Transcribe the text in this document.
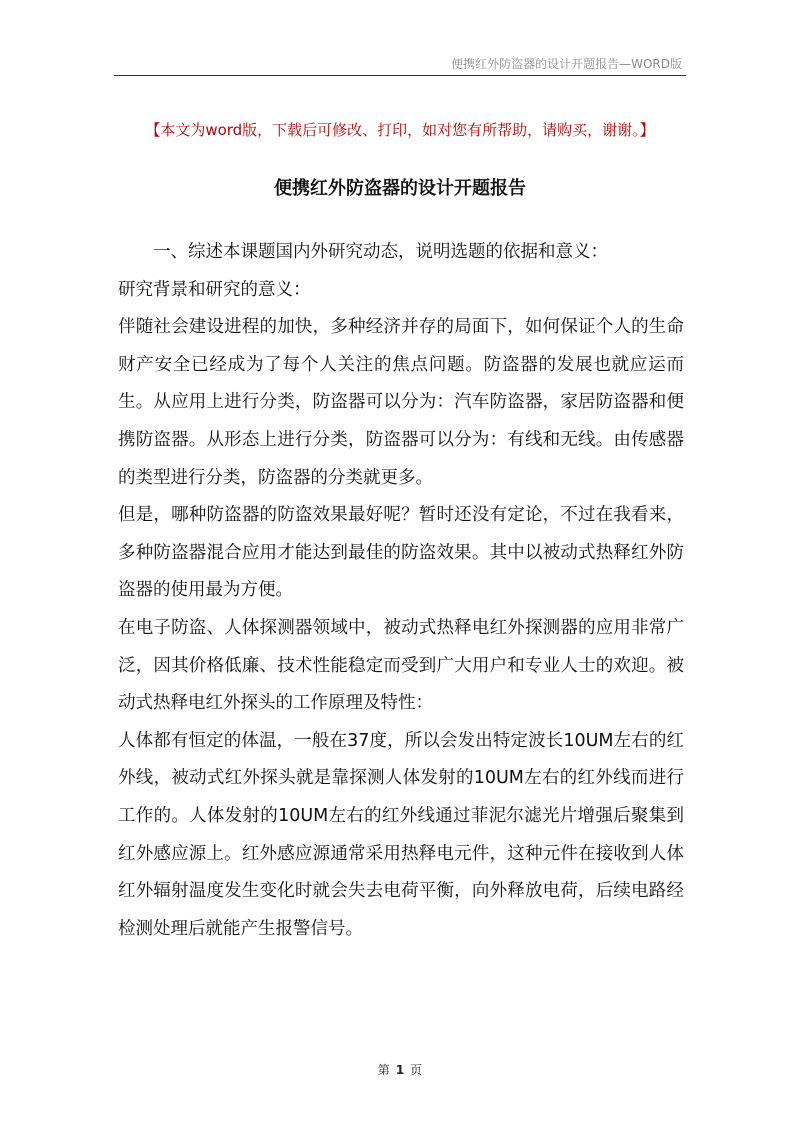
便携红外防盗器的设计开题报告—WORD版
【本文为word版，下载后可修改、打印，如对您有所帮助，请购买，谢谢。】
便携红外防盗器的设计开题报告

一、综述本课题国内外研究动态，说明选题的依据和意义：

研究背景和研究的意义：

伴随社会建设进程的加快，多种经济并存的局面下，如何保证个人的生命财产安全已经成为了每个人关注的焦点问题。防盗器的发展也就应运而生。从应用上进行分类，防盗器可以分为：汽车防盗器，家居防盗器和便携防盗器。从形态上进行分类，防盗器可以分为：有线和无线。由传感器的类型进行分类，防盗器的分类就更多。

但是，哪种防盗器的防盗效果最好呢？暂时还没有定论，不过在我看来，多种防盗器混合应用才能达到最佳的防盗效果。其中以被动式热释红外防盗器的使用最为方便。

在电子防盗、人体探测器领域中，被动式热释电红外探测器的应用非常广泛，因其价格低廉、技术性能稳定而受到广大用户和专业人士的欢迎。被动式热释电红外探头的工作原理及特性：

人体都有恒定的体温，一般在37度，所以会发出特定波长10UM左右的红外线，被动式红外探头就是靠探测人体发射的10UM左右的红外线而进行工作的。人体发射的10UM左右的红外线通过菲泥尔滤光片增强后聚集到红外感应源上。红外感应源通常采用热释电元件，这种元件在接收到人体红外辐射温度发生变化时就会失去电荷平衡，向外释放电荷，后续电路经检测处理后就能产生报警信号。

第 1 页
